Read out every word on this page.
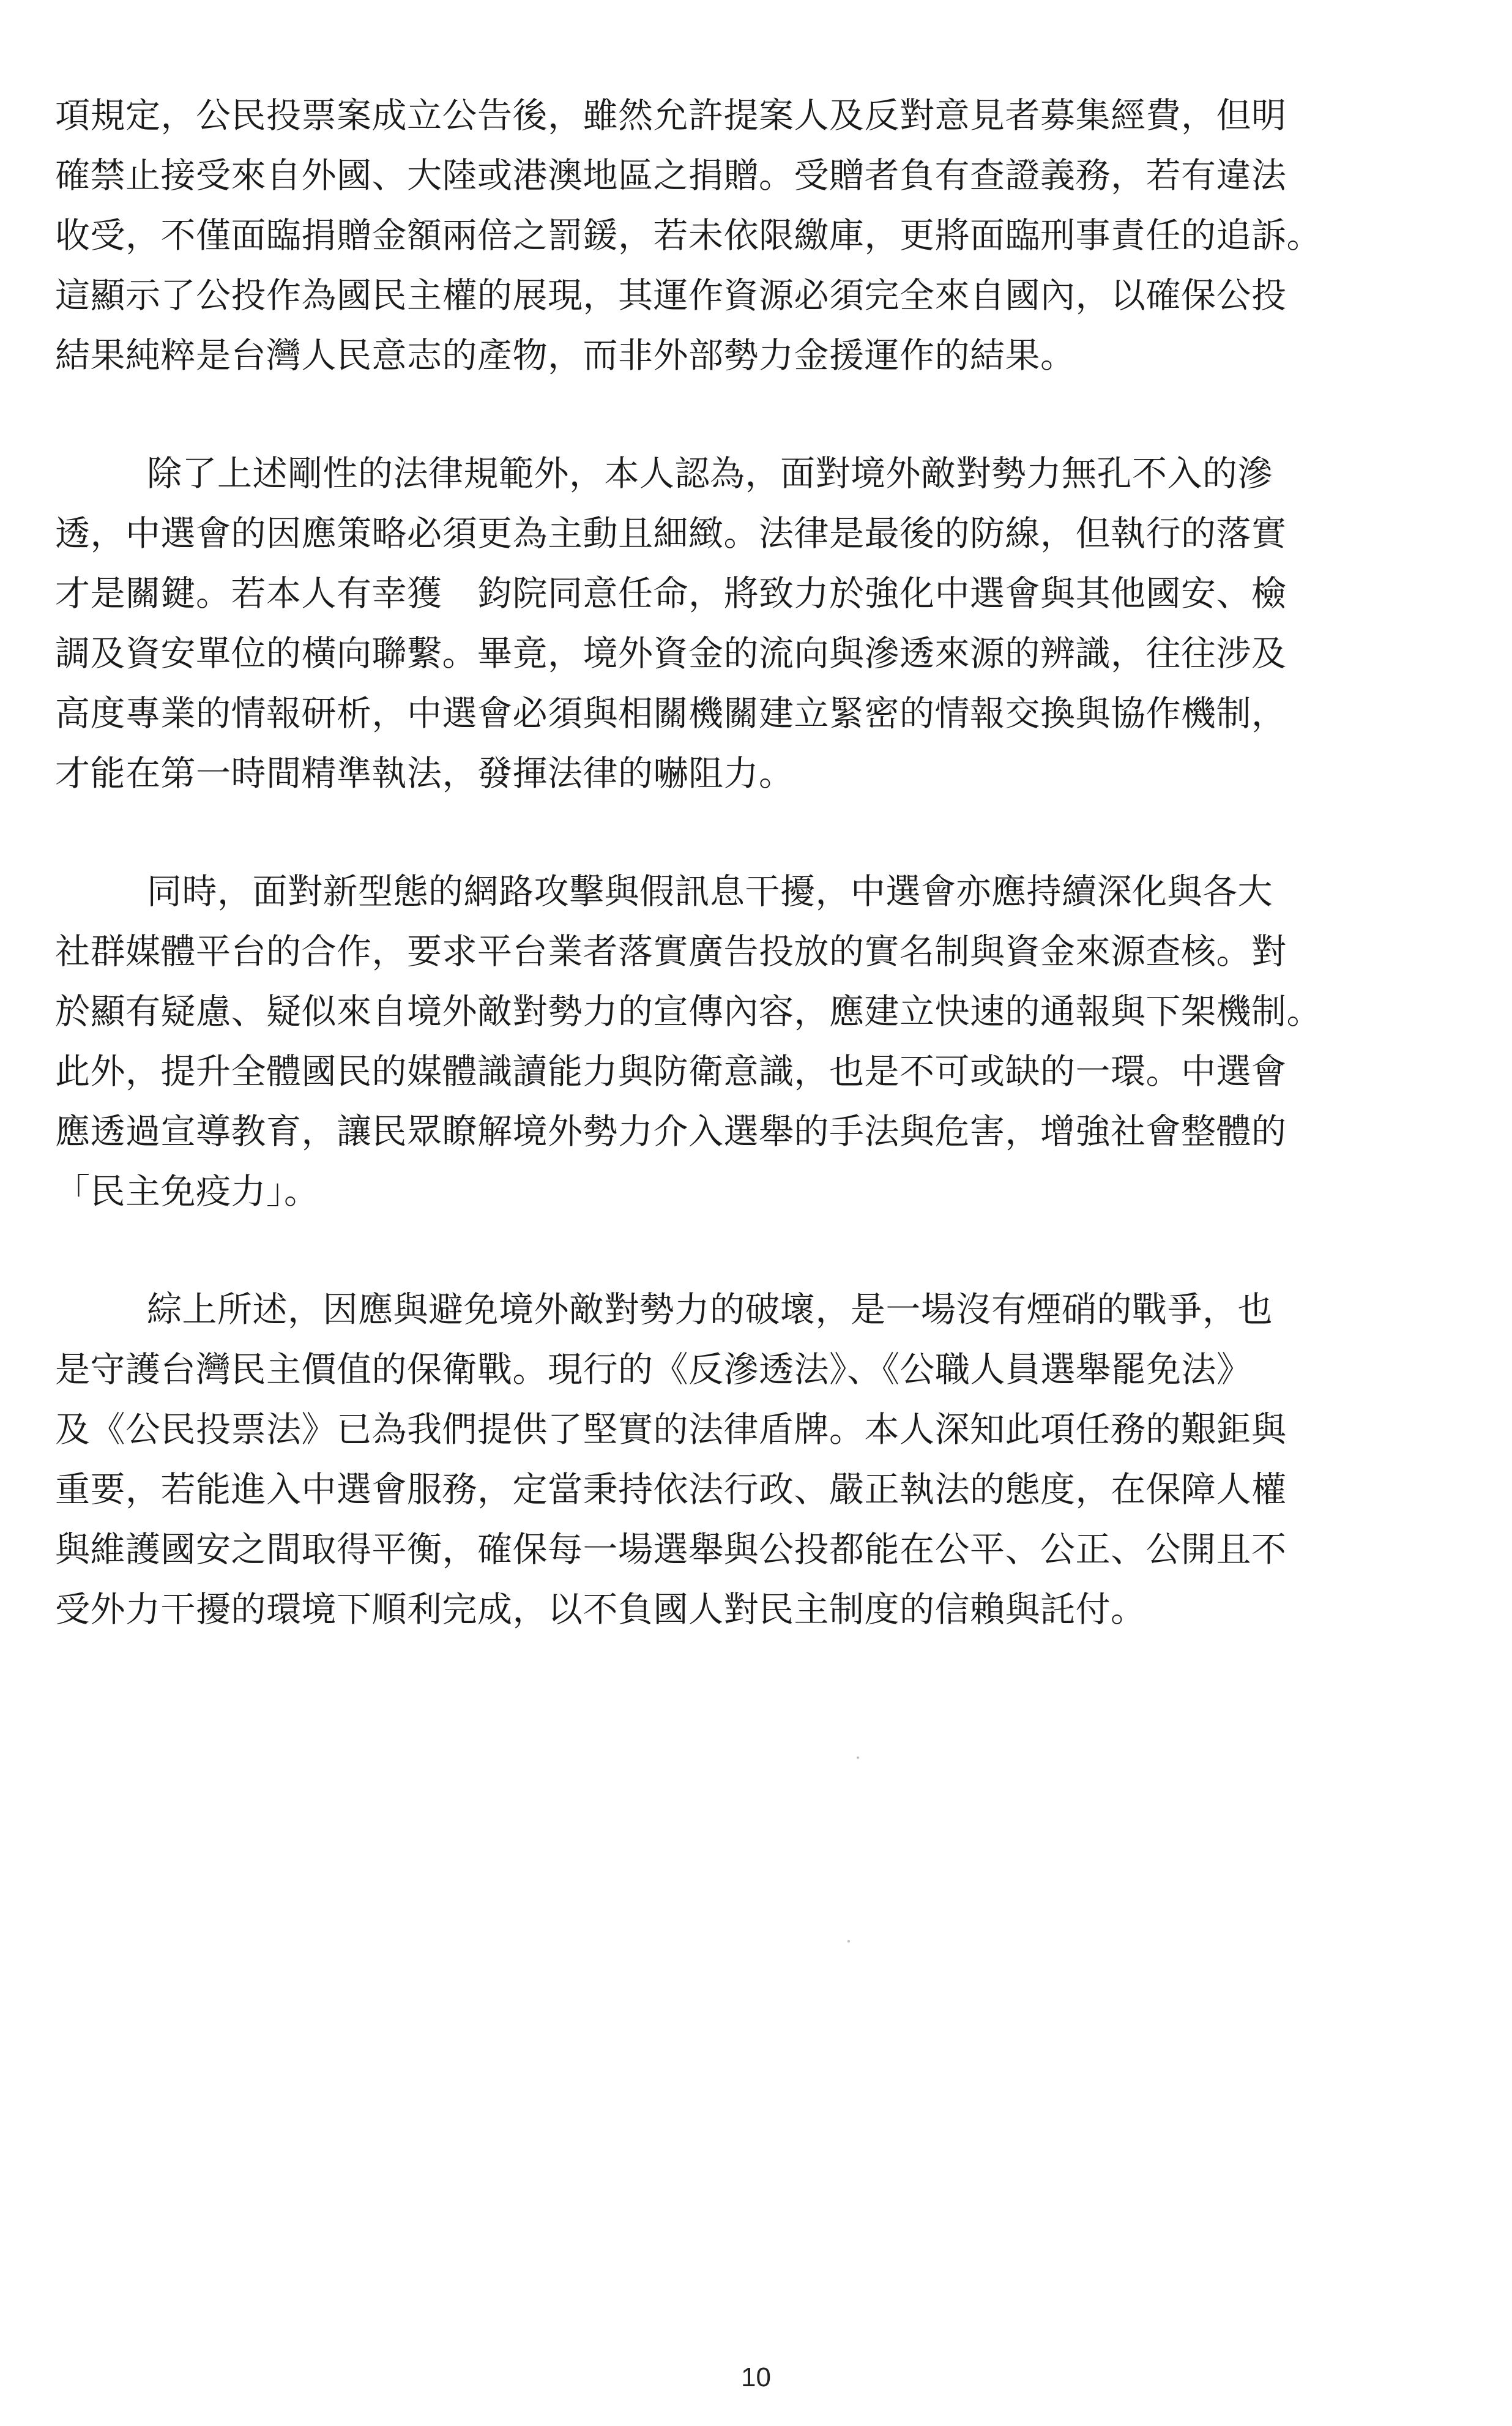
項規定，公民投票案成立公告後，雖然允許提案人及反對意見者募集經費，但明
確禁止接受來自外國、大陸或港澳地區之捐贈。受贈者負有查證義務，若有違法
收受，不僅面臨捐贈金額兩倍之罰鍰，若未依限繳庫，更將面臨刑事責任的追訴。
這顯示了公投作為國民主權的展現，其運作資源必須完全來自國內，以確保公投
結果純粹是台灣人民意志的產物，而非外部勢力金援運作的結果。

除了上述剛性的法律規範外，本人認為，面對境外敵對勢力無孔不入的滲
透，中選會的因應策略必須更為主動且細緻。法律是最後的防線，但執行的落實
才是關鍵。若本人有幸獲　鈞院同意任命，將致力於強化中選會與其他國安、檢
調及資安單位的橫向聯繫。畢竟，境外資金的流向與滲透來源的辨識，往往涉及
高度專業的情報研析，中選會必須與相關機關建立緊密的情報交換與協作機制，
才能在第一時間精準執法，發揮法律的嚇阻力。

同時，面對新型態的網路攻擊與假訊息干擾，中選會亦應持續深化與各大
社群媒體平台的合作，要求平台業者落實廣告投放的實名制與資金來源查核。對
於顯有疑慮、疑似來自境外敵對勢力的宣傳內容，應建立快速的通報與下架機制。
此外，提升全體國民的媒體識讀能力與防衛意識，也是不可或缺的一環。中選會
應透過宣導教育，讓民眾瞭解境外勢力介入選舉的手法與危害，增強社會整體的
「民主免疫力」。

綜上所述，因應與避免境外敵對勢力的破壞，是一場沒有煙硝的戰爭，也
是守護台灣民主價值的保衛戰。現行的《反滲透法》、《公職人員選舉罷免法》
及《公民投票法》已為我們提供了堅實的法律盾牌。本人深知此項任務的艱鉅與
重要，若能進入中選會服務，定當秉持依法行政、嚴正執法的態度，在保障人權
與維護國安之間取得平衡，確保每一場選舉與公投都能在公平、公正、公開且不
受外力干擾的環境下順利完成，以不負國人對民主制度的信賴與託付。

10
